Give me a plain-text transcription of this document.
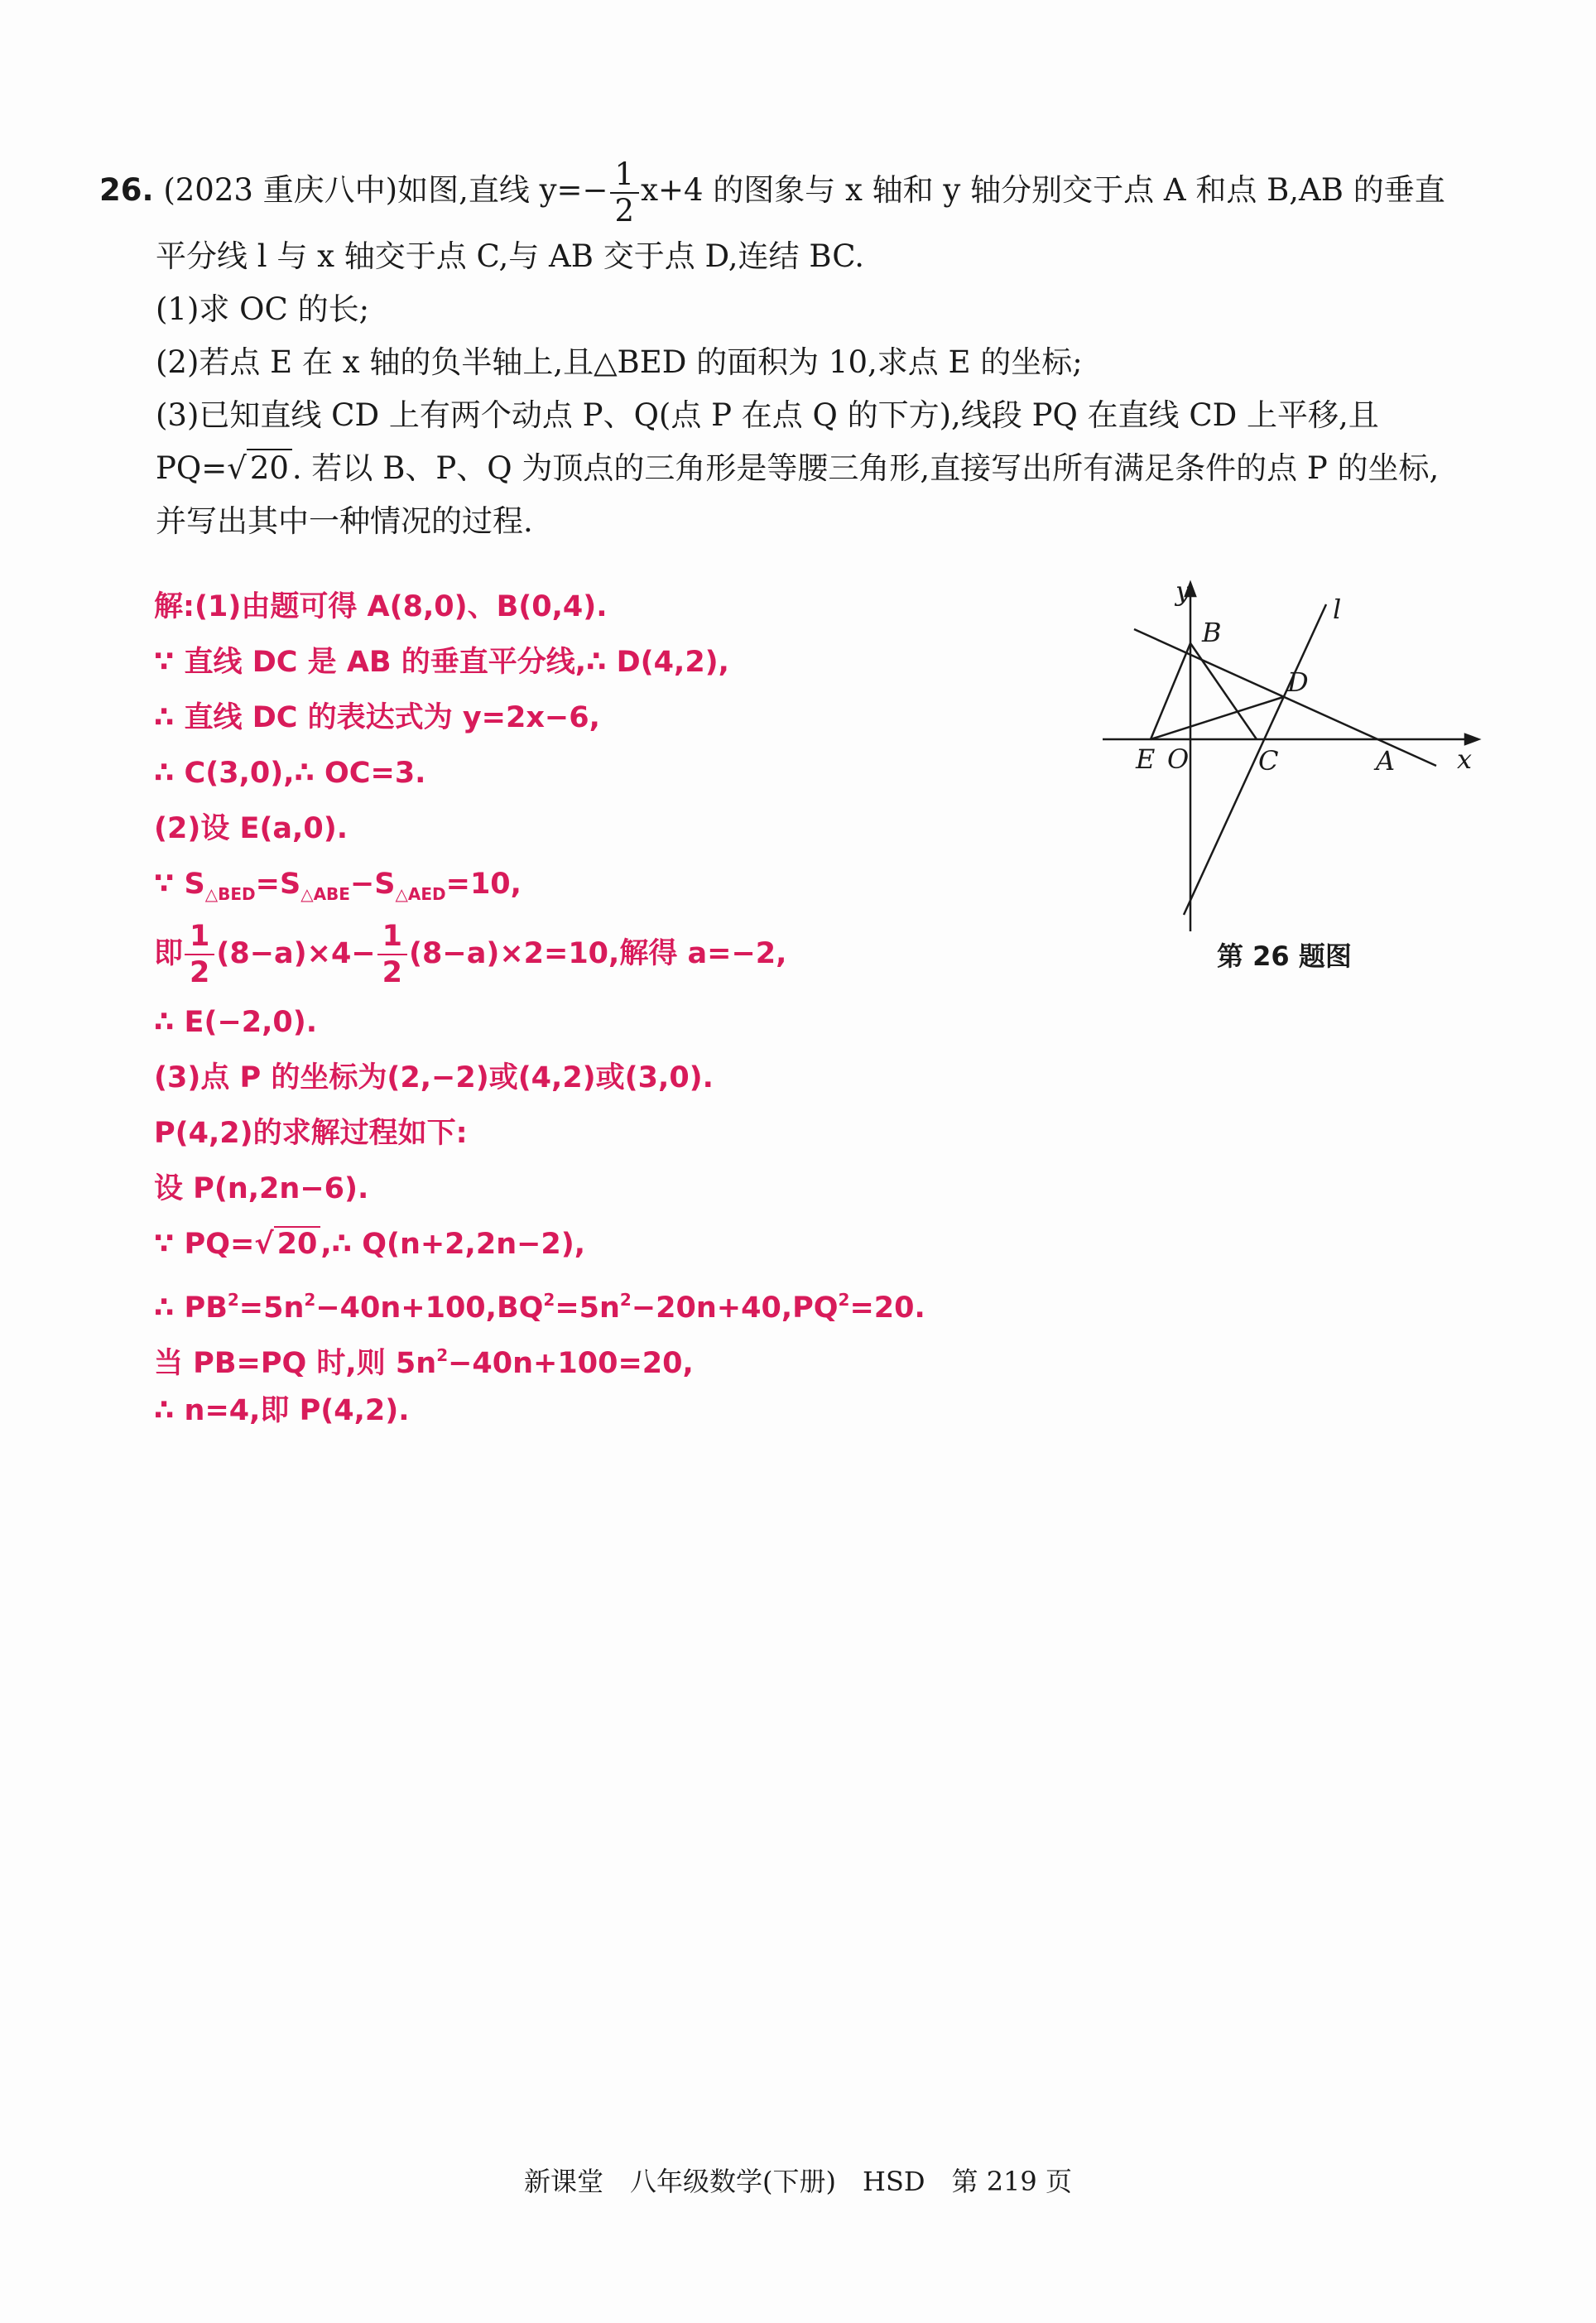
26. (2023 重庆八中)如图,直线 $y=- \frac{1}{2} x+4$ 的图象与 x 轴和 y 轴分别交于点 A 和点 B,AB 的垂直
平分线 l 与 x 轴交于点 C,与 AB 交于点 D,连结 BC.
(1)求 OC 的长;
(2)若点 E 在 x 轴的负半轴上,且△BED 的面积为 10,求点 E 的坐标;
(3)已知直线 CD 上有两个动点 P、Q(点 P 在点 Q 的下方),线段 PQ 在直线 CD 上平移,且
PQ=√ 20 . 若以 B、P、Q 为顶点的三角形是等腰三角形,直接写出所有满足条件的点 P 的坐标,
并写出其中一种情况的过程.
解:(1)由题可得 A(8,0)、B(0,4).
∵ 直线 DC 是 AB 的垂直平分线,∴ D(4,2),
∴ 直线 DC 的表达式为 y=2x−6,
∴ C(3,0),∴ OC=3.
(2)设 E(a,0).
∵ $S_{\triangle BED}=S_{\triangle ABE}-S_{\triangle AED}=10$,
即 $\frac{1}{2} (8-a)\times 4- \frac{1}{2} (8-a)\times 2=10$,解得 a=−2,
∴ E(−2,0).
(3)点 P 的坐标为(2,−2)或(4,2)或(3,0).
P(4,2)的求解过程如下:
设 P(n,2n−6).
∵ PQ=√ 20 ,∴ Q(n+2,2n−2),
∴ $PB^2=5n^2-40n+100,BQ^2=5n^2-20n+40,PQ^2=20$.
当 PB=PQ 时,则 $5n^2-40n+100=20$,
∴ n=4,即 P(4,2).
y
l
B
D
E O	C	A x
第 26 题图
新课堂 八年级数学(下册) HSD 第 219 页
